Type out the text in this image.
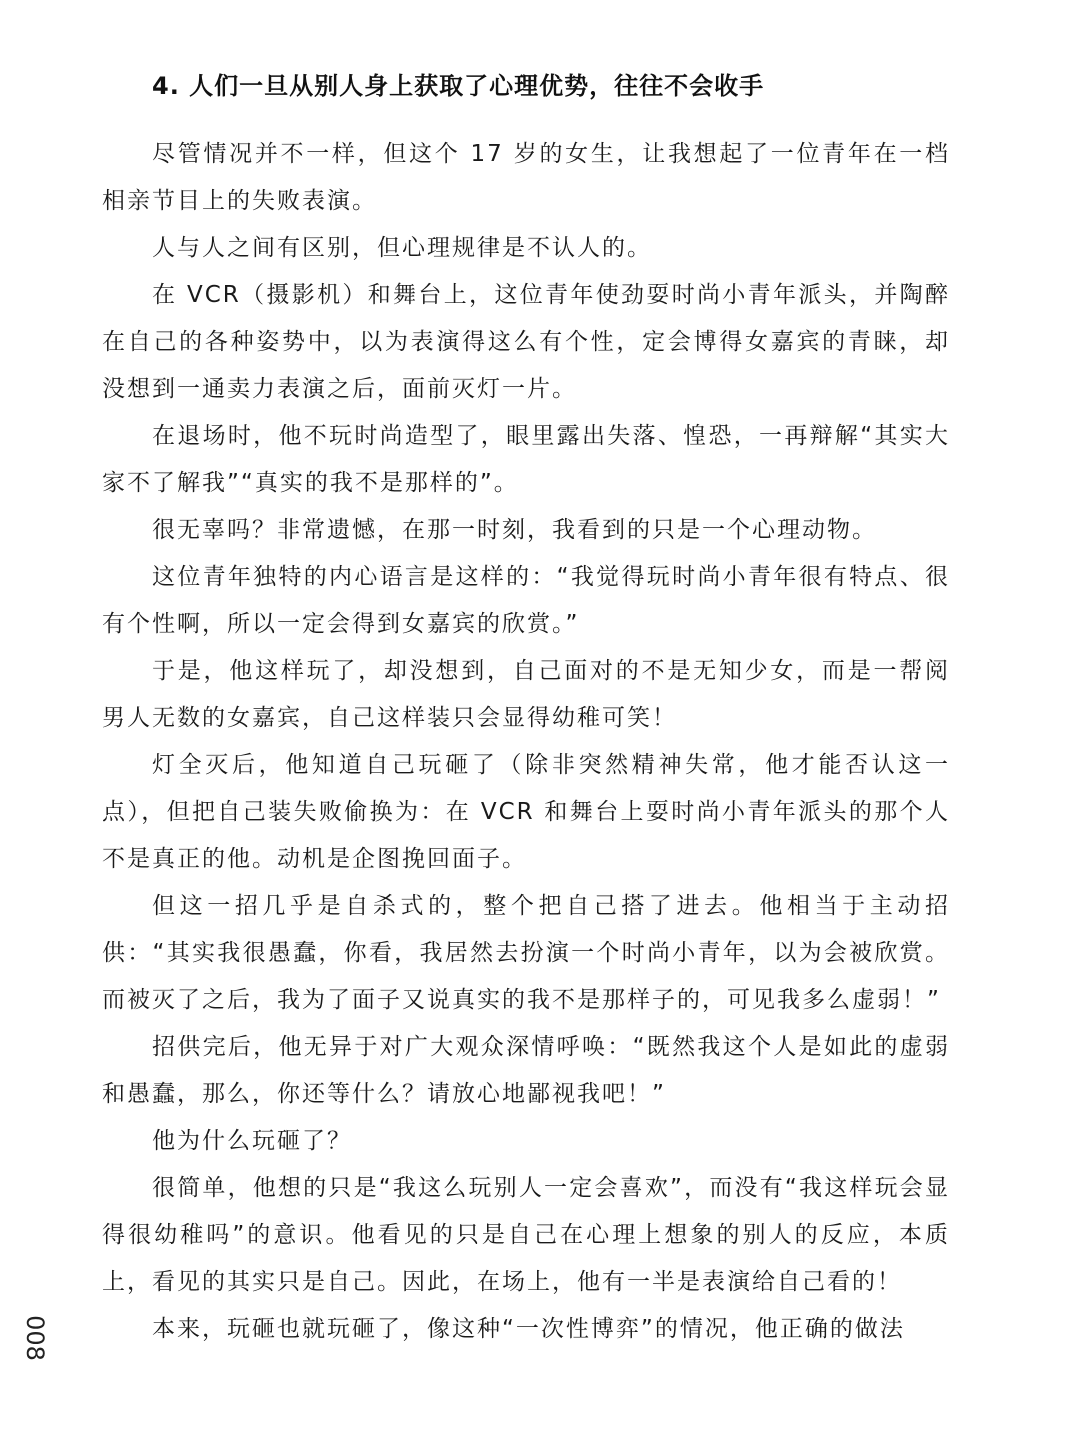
4. 人们一旦从别人身上获取了心理优势，往往不会收手

尽管情况并不一样，但这个 17 岁的女生，让我想起了一位青年在一档相亲节目上的失败表演。

人与人之间有区别，但心理规律是不认人的。

在 VCR（摄影机）和舞台上，这位青年使劲耍时尚小青年派头，并陶醉在自己的各种姿势中，以为表演得这么有个性，定会博得女嘉宾的青睐，却没想到一通卖力表演之后，面前灭灯一片。

在退场时，他不玩时尚造型了，眼里露出失落、惶恐，一再辩解“其实大家不了解我”“真实的我不是那样的”。

很无辜吗？非常遗憾，在那一时刻，我看到的只是一个心理动物。

这位青年独特的内心语言是这样的：“我觉得玩时尚小青年很有特点、很有个性啊，所以一定会得到女嘉宾的欣赏。”

于是，他这样玩了，却没想到，自己面对的不是无知少女，而是一帮阅男人无数的女嘉宾，自己这样装只会显得幼稚可笑！

灯全灭后，他知道自己玩砸了（除非突然精神失常，他才能否认这一点），但把自己装失败偷换为：在 VCR 和舞台上耍时尚小青年派头的那个人不是真正的他。动机是企图挽回面子。

但这一招几乎是自杀式的，整个把自己搭了进去。他相当于主动招供：“其实我很愚蠢，你看，我居然去扮演一个时尚小青年，以为会被欣赏。而被灭了之后，我为了面子又说真实的我不是那样子的，可见我多么虚弱！”

招供完后，他无异于对广大观众深情呼唤：“既然我这个人是如此的虚弱和愚蠢，那么，你还等什么？请放心地鄙视我吧！”

他为什么玩砸了？

很简单，他想的只是“我这么玩别人一定会喜欢”，而没有“我这样玩会显得很幼稚吗”的意识。他看见的只是自己在心理上想象的别人的反应，本质上，看见的其实只是自己。因此，在场上，他有一半是表演给自己看的！

本来，玩砸也就玩砸了，像这种“一次性博弈”的情况，他正确的做法

008
